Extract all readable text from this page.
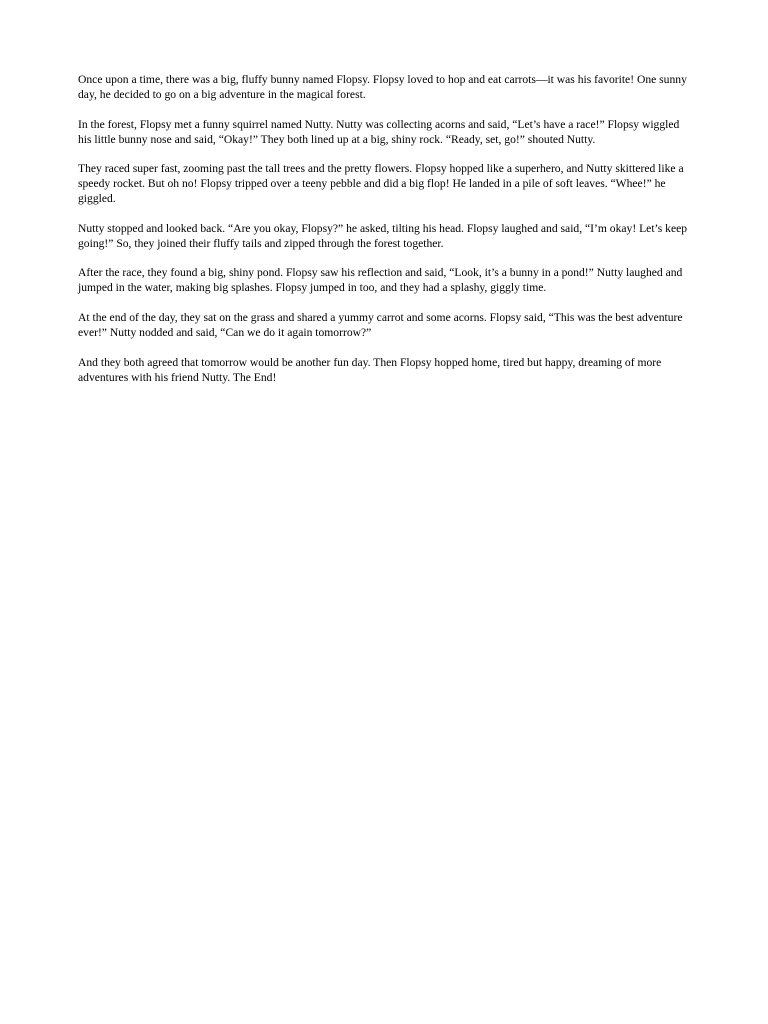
Once upon a time, there was a big, fluffy bunny named Flopsy. Flopsy loved to hop and eat carrots—it was his favorite! One sunny day, he decided to go on a big adventure in the magical forest.

In the forest, Flopsy met a funny squirrel named Nutty. Nutty was collecting acorns and said, “Let’s have a race!” Flopsy wiggled his little bunny nose and said, “Okay!” They both lined up at a big, shiny rock. “Ready, set, go!” shouted Nutty.

They raced super fast, zooming past the tall trees and the pretty flowers. Flopsy hopped like a superhero, and Nutty skittered like a speedy rocket. But oh no! Flopsy tripped over a teeny pebble and did a big flop! He landed in a pile of soft leaves. “Whee!” he giggled.

Nutty stopped and looked back. “Are you okay, Flopsy?” he asked, tilting his head. Flopsy laughed and said, “I’m okay! Let’s keep going!” So, they joined their fluffy tails and zipped through the forest together.

After the race, they found a big, shiny pond. Flopsy saw his reflection and said, “Look, it’s a bunny in a pond!” Nutty laughed and jumped in the water, making big splashes. Flopsy jumped in too, and they had a splashy, giggly time.

At the end of the day, they sat on the grass and shared a yummy carrot and some acorns. Flopsy said, “This was the best adventure ever!” Nutty nodded and said, “Can we do it again tomorrow?”

And they both agreed that tomorrow would be another fun day. Then Flopsy hopped home, tired but happy, dreaming of more adventures with his friend Nutty. The End!
